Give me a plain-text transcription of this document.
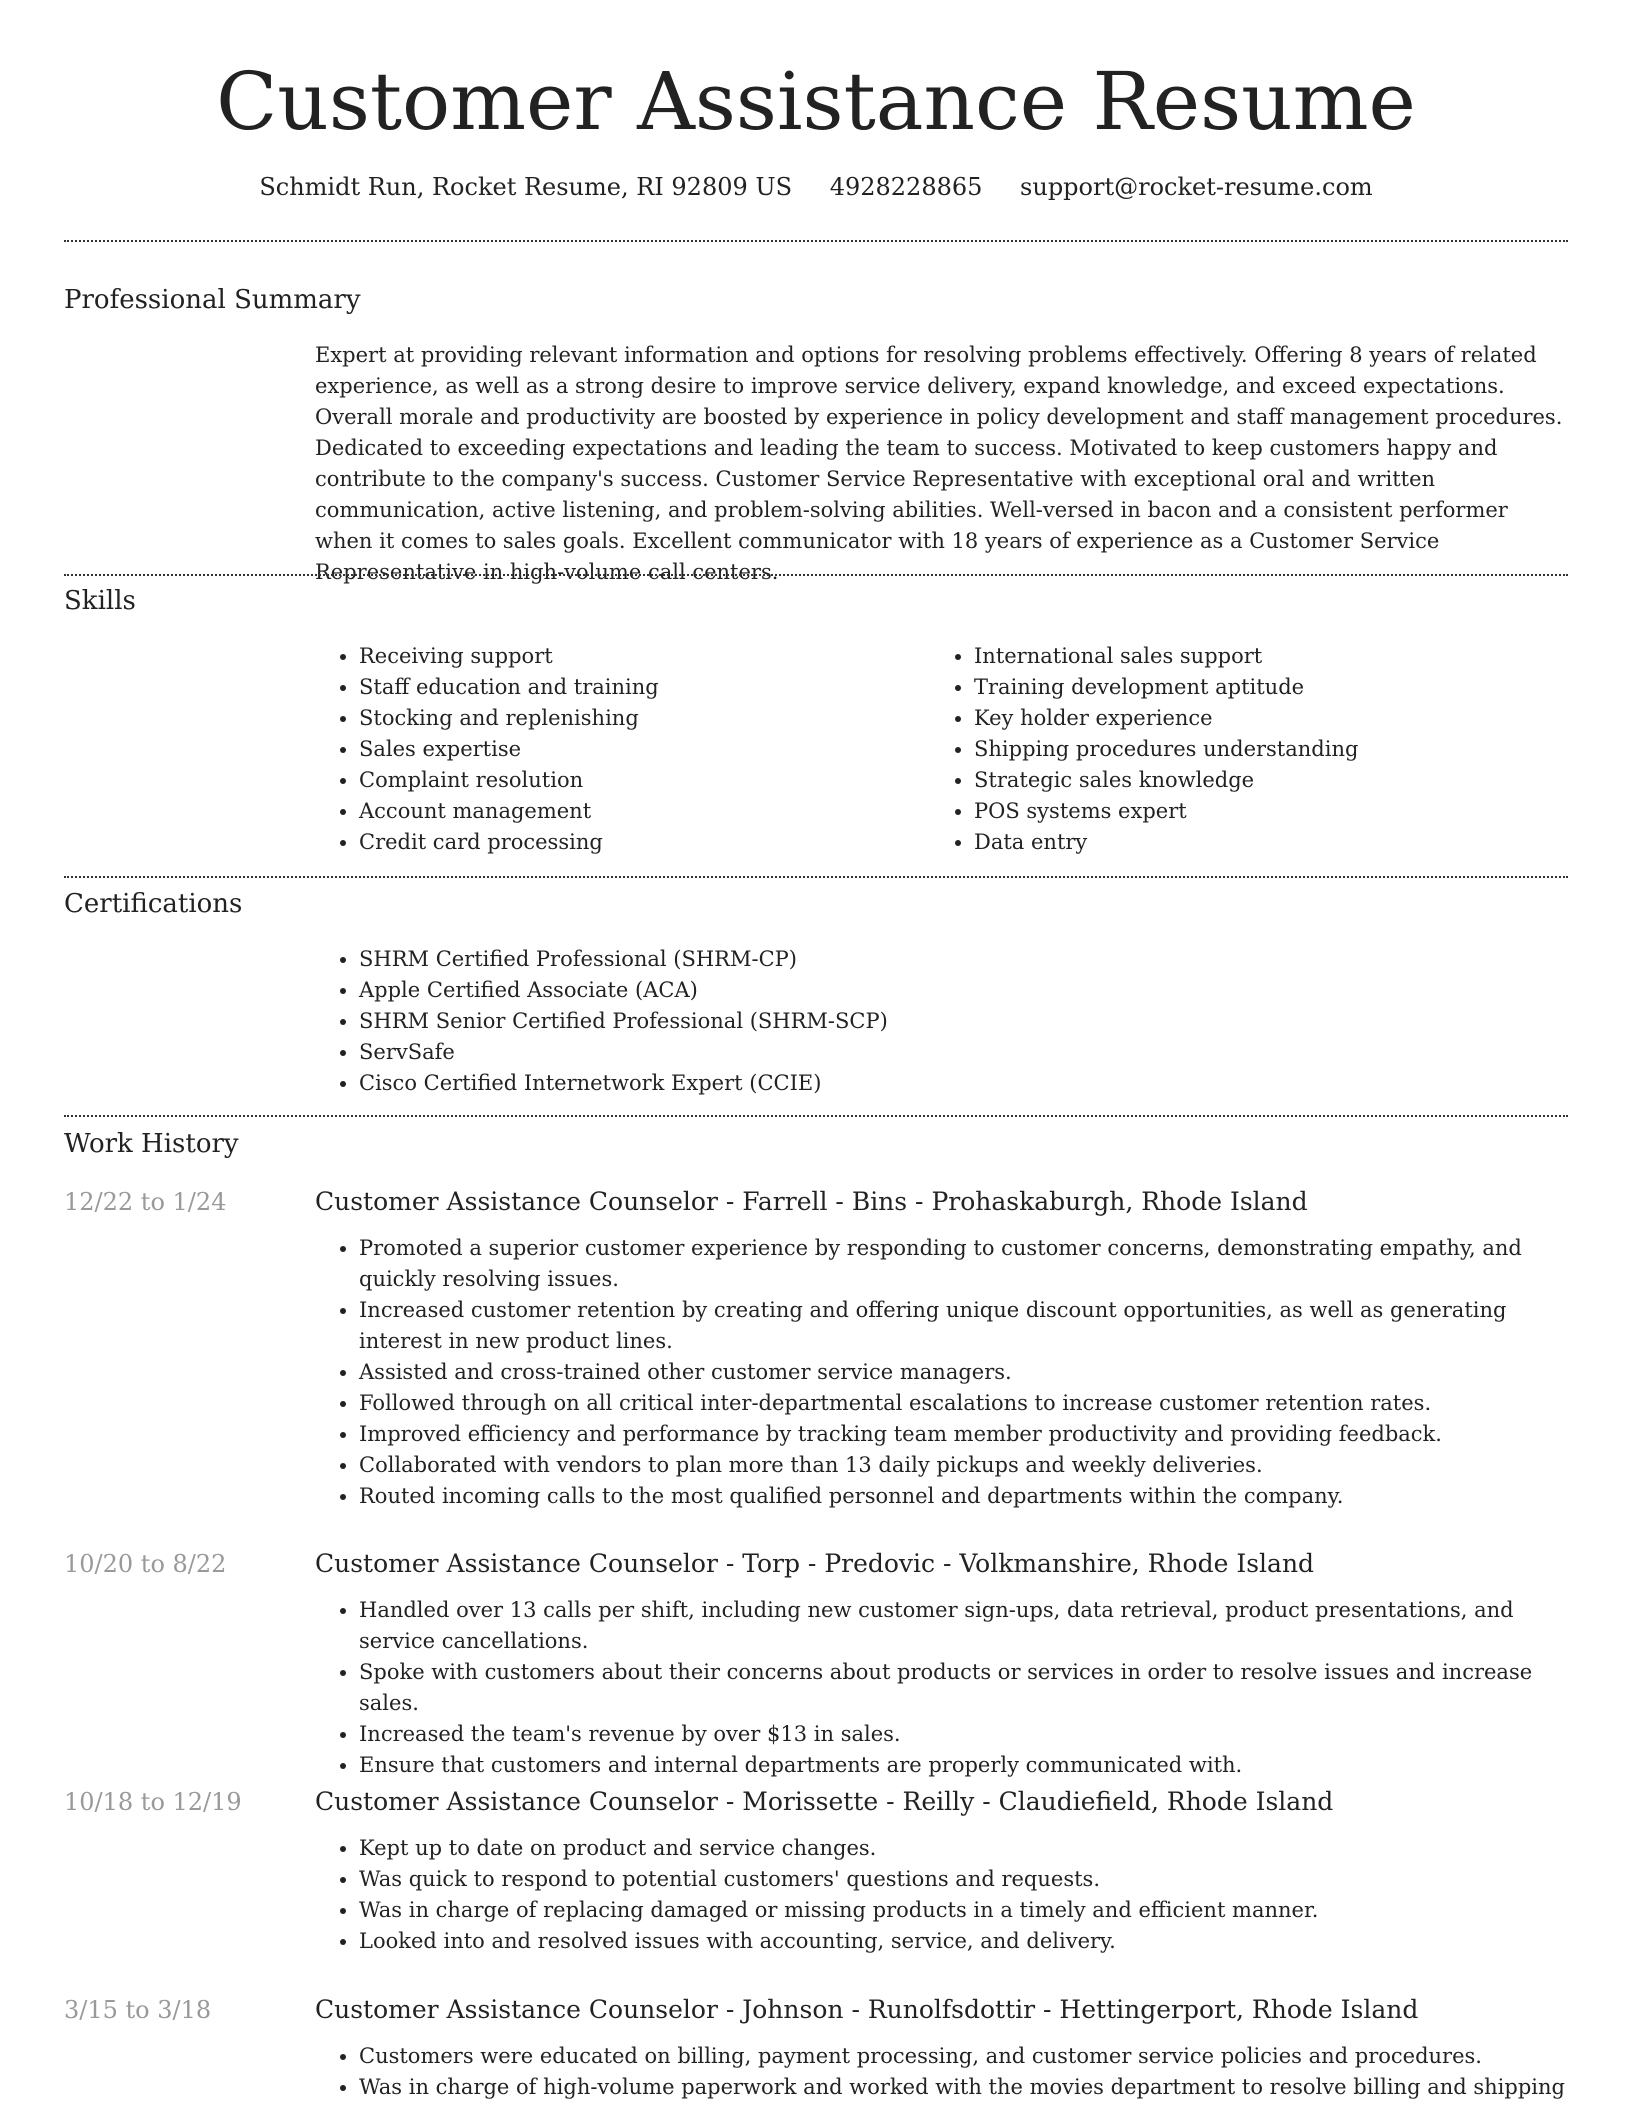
Customer Assistance Resume
Schmidt Run, Rocket Resume, RI 92809 US 4928228865 support@rocket-resume.com
Professional Summary

Expert at providing relevant information and options for resolving problems effectively. Offering 8 years of related experience, as well as a strong desire to improve service delivery, expand knowledge, and exceed expectations. Overall morale and productivity are boosted by experience in policy development and staff management procedures. Dedicated to exceeding expectations and leading the team to success. Motivated to keep customers happy and contribute to the company's success. Customer Service Representative with exceptional oral and written communication, active listening, and problem-solving abilities. Well-versed in bacon and a consistent performer when it comes to sales goals. Excellent communicator with 18 years of experience as a Customer Service Representative in high-volume call centers.

Skills
• Receiving support
• Staff education and training
• Stocking and replenishing
• Sales expertise
• Complaint resolution
• Account management
• Credit card processing
• International sales support
• Training development aptitude
• Key holder experience
• Shipping procedures understanding
• Strategic sales knowledge
• POS systems expert
• Data entry
Certifications
• SHRM Certified Professional (SHRM-CP)
• Apple Certified Associate (ACA)
• SHRM Senior Certified Professional (SHRM-SCP)
• ServSafe
• Cisco Certified Internetwork Expert (CCIE)
Work History
12/22 to 1/24	Customer Assistance Counselor - Farrell - Bins - Prohaskaburgh, Rhode Island
• Promoted a superior customer experience by responding to customer concerns, demonstrating empathy, and quickly resolving issues.
• Increased customer retention by creating and offering unique discount opportunities, as well as generating interest in new product lines.
• Assisted and cross-trained other customer service managers.
• Followed through on all critical inter-departmental escalations to increase customer retention rates.
• Improved efficiency and performance by tracking team member productivity and providing feedback.
• Collaborated with vendors to plan more than 13 daily pickups and weekly deliveries.
• Routed incoming calls to the most qualified personnel and departments within the company.
10/20 to 8/22	Customer Assistance Counselor - Torp - Predovic - Volkmanshire, Rhode Island
• Handled over 13 calls per shift, including new customer sign-ups, data retrieval, product presentations, and service cancellations.
• Spoke with customers about their concerns about products or services in order to resolve issues and increase sales.
• Increased the team's revenue by over $13 in sales.
• Ensure that customers and internal departments are properly communicated with.
10/18 to 12/19	Customer Assistance Counselor - Morissette - Reilly - Claudiefield, Rhode Island
• Kept up to date on product and service changes.
• Was quick to respond to potential customers' questions and requests.
• Was in charge of replacing damaged or missing products in a timely and efficient manner.
• Looked into and resolved issues with accounting, service, and delivery.
3/15 to 3/18	Customer Assistance Counselor - Johnson - Runolfsdottir - Hettingerport, Rhode Island
• Customers were educated on billing, payment processing, and customer service policies and procedures.
• Was in charge of high-volume paperwork and worked with the movies department to resolve billing and shipping
